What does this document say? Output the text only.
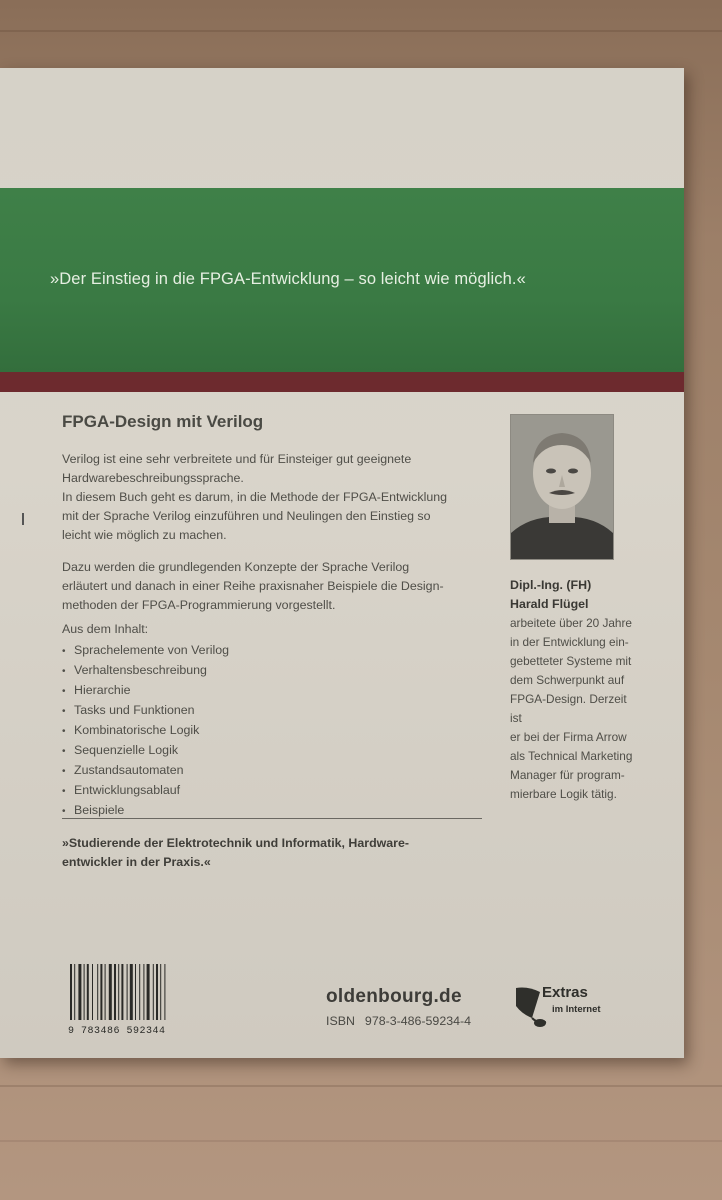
»Der Einstieg in die FPGA-Entwicklung – so leicht wie möglich.«
FPGA-Design mit Verilog

Verilog ist eine sehr verbreitete und für Einsteiger gut geeignete
Hardwarebeschreibungssprache.
In diesem Buch geht es darum, in die Methode der FPGA-Entwicklung
mit der Sprache Verilog einzuführen und Neulingen den Einstieg so
leicht wie möglich zu machen.

Dazu werden die grundlegenden Konzepte der Sprache Verilog
erläutert und danach in einer Reihe praxisnaher Beispiele die Design-
methoden der FPGA-Programmierung vorgestellt.

Aus dem Inhalt:

• Sprachelemente von Verilog
• Verhaltensbeschreibung
• Hierarchie
• Tasks und Funktionen
• Kombinatorische Logik
• Sequenzielle Logik
• Zustandsautomaten
• Entwicklungsablauf
• Beispiele

»Studierende der Elektrotechnik und Informatik, Hardware-
entwickler in der Praxis.«

Dipl.-Ing. (FH)
Harald Flügel

arbeitete über 20 Jahre
in der Entwicklung ein-
gebetteter Systeme mit
dem Schwerpunkt auf
FPGA-Design. Derzeit ist
er bei der Firma Arrow
als Technical Marketing
Manager für program-
mierbare Logik tätig.

9 783486 592344
oldenbourg.de
ISBN 978-3-486-59234-4
Extras
im Internet
